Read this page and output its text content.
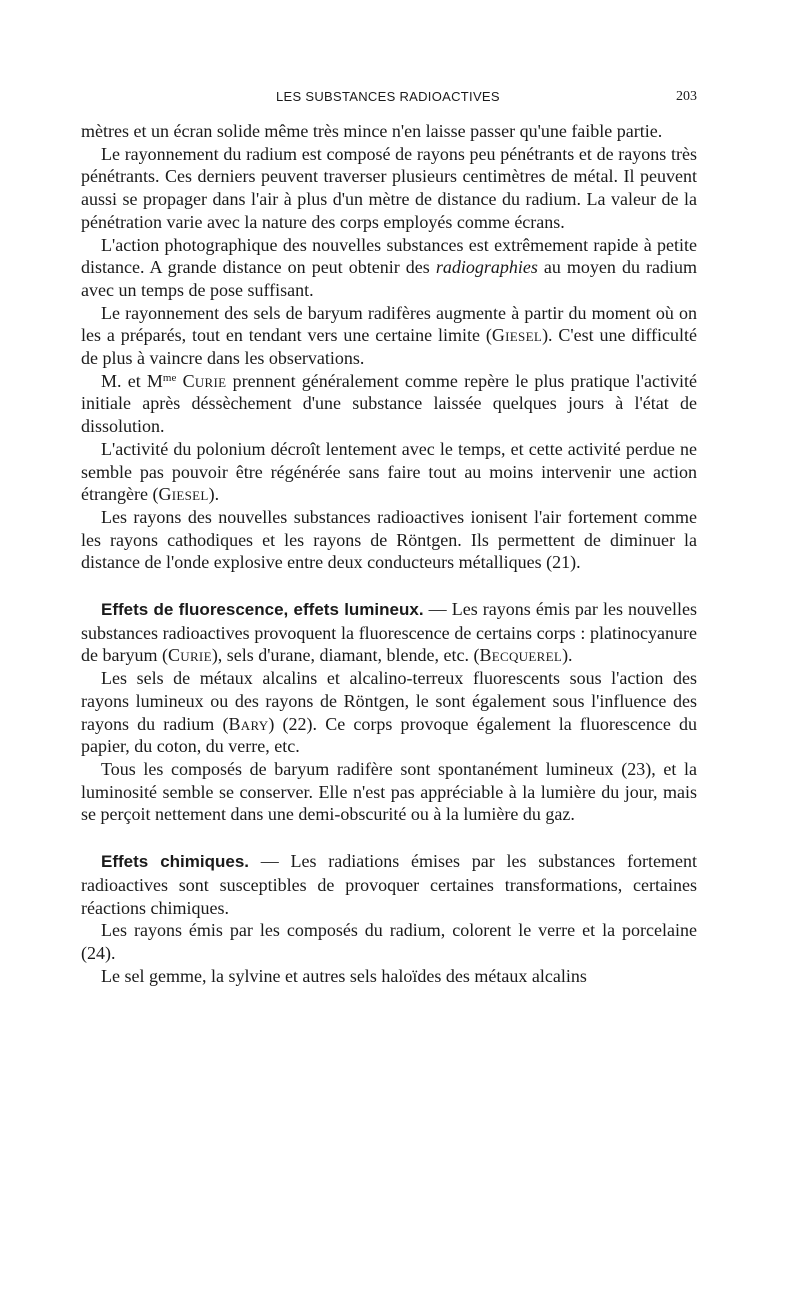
LES SUBSTANCES RADIOACTIVES	203

mètres et un écran solide même très mince n'en laisse passer qu'une faible partie.

Le rayonnement du radium est composé de rayons peu pénétrants et de rayons très pénétrants. Ces derniers peuvent traverser plusieurs centimètres de métal. Il peuvent aussi se propager dans l'air à plus d'un mètre de distance du radium. La valeur de la pénétration varie avec la nature des corps employés comme écrans.

L'action photographique des nouvelles substances est extrêmement rapide à petite distance. A grande distance on peut obtenir des radiographies au moyen du radium avec un temps de pose suffisant.

Le rayonnement des sels de baryum radifères augmente à partir du moment où on les a préparés, tout en tendant vers une certaine limite (Giesel). C'est une difficulté de plus à vaincre dans les observations.

M. et $M^{me}$ Curie prennent généralement comme repère le plus pratique l'activité initiale après déssèchement d'une substance laissée quelques jours à l'état de dissolution.

L'activité du polonium décroît lentement avec le temps, et cette activité perdue ne semble pas pouvoir être régénérée sans faire tout au moins intervenir une action étrangère (Giesel).

Les rayons des nouvelles substances radioactives ionisent l'air fortement comme les rayons cathodiques et les rayons de Röntgen. Ils permettent de diminuer la distance de l'onde explosive entre deux conducteurs métalliques (21).

Effets de fluorescence, effets lumineux. — Les rayons émis par les nouvelles substances radioactives provoquent la fluorescence de certains corps : platinocyanure de baryum (Curie), sels d'urane, diamant, blende, etc. (Becquerel).

Les sels de métaux alcalins et alcalino-terreux fluorescents sous l'action des rayons lumineux ou des rayons de Röntgen, le sont également sous l'influence des rayons du radium (Bary) (22). Ce corps provoque également la fluorescence du papier, du coton, du verre, etc.

Tous les composés de baryum radifère sont spontanément lumineux (23), et la luminosité semble se conserver. Elle n'est pas appréciable à la lumière du jour, mais se perçoit nettement dans une demi-obscurité ou à la lumière du gaz.

Effets chimiques. — Les radiations émises par les substances fortement radioactives sont susceptibles de provoquer certaines transformations, certaines réactions chimiques.

Les rayons émis par les composés du radium, colorent le verre et la porcelaine (24).

Le sel gemme, la sylvine et autres sels haloïdes des métaux alcalins
